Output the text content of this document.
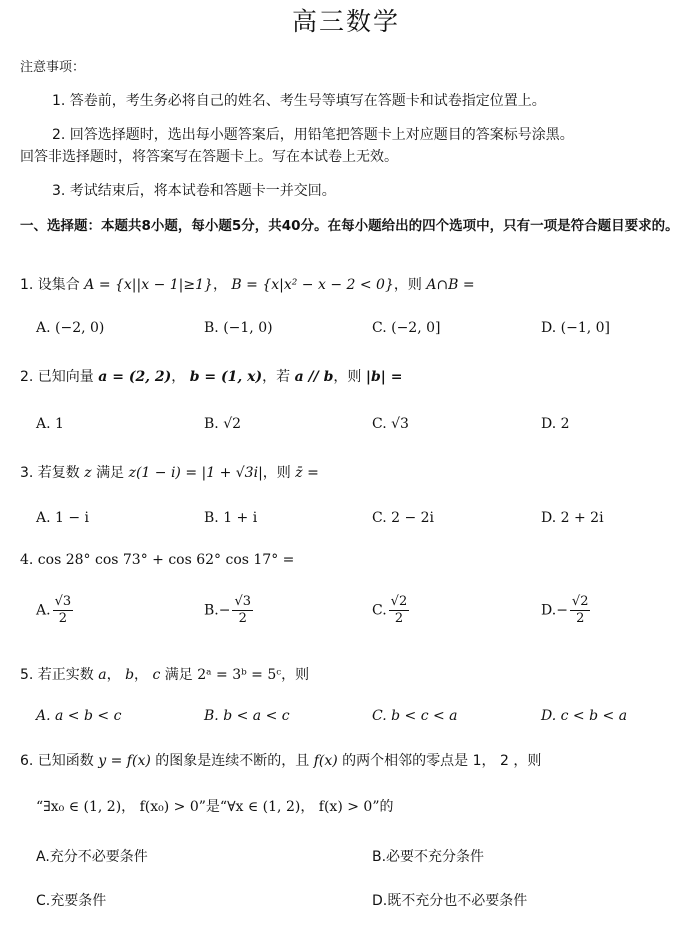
高三数学
注意事项：
1. 答卷前，考生务必将自己的姓名、考生号等填写在答题卡和试卷指定位置上。
2. 回答选择题时，选出每小题答案后，用铅笔把答题卡上对应题目的答案标号涂黑。
回答非选择题时，将答案写在答题卡上。写在本试卷上无效。
3. 考试结束后，将本试卷和答题卡一并交回。
一、选择题：本题共8小题，每小题5分，共40分。在每小题给出的四个选项中，只有一项是符合题目要求的。
1. 设集合 A = {x||x − 1|≥1}， B = {x|x² − x − 2 < 0}，则 A∩B =
A. (−2, 0)	B. (−1, 0)	C. (−2, 0]	D. (−1, 0]
2. 已知向量 a = (2, 2)， b = (1, x)，若 a // b，则 |b| =
A. 1	B. √2	C. √3	D. 2
3. 若复数 z 满足 z(1 − i) = |1 + √3i|，则 z̄ =
A. 1 − i	B. 1 + i	C. 2 − 2i	D. 2 + 2i
4. cos 28° cos 73° + cos 62° cos 17° =
A. $\frac{√3}{2}$	$B.- \frac{√3}{2}$	C. $\frac{√2}{2}$	$D.- \frac{√2}{2}$
5. 若正实数 a， b， c 满足 2ᵃ = 3ᵇ = 5ᶜ，则
A. a < b < c	B. b < a < c	C. b < c < a	D. c < b < a
6. 已知函数 y = f(x) 的图象是连续不断的，且 f(x) 的两个相邻的零点是 1， 2 ，则
“∃x₀ ∈ (1, 2)， f(x₀) > 0”是“∀x ∈ (1, 2)， f(x) > 0”的
A.充分不必要条件	B.必要不充分条件
C.充要条件	D.既不充分也不必要条件
